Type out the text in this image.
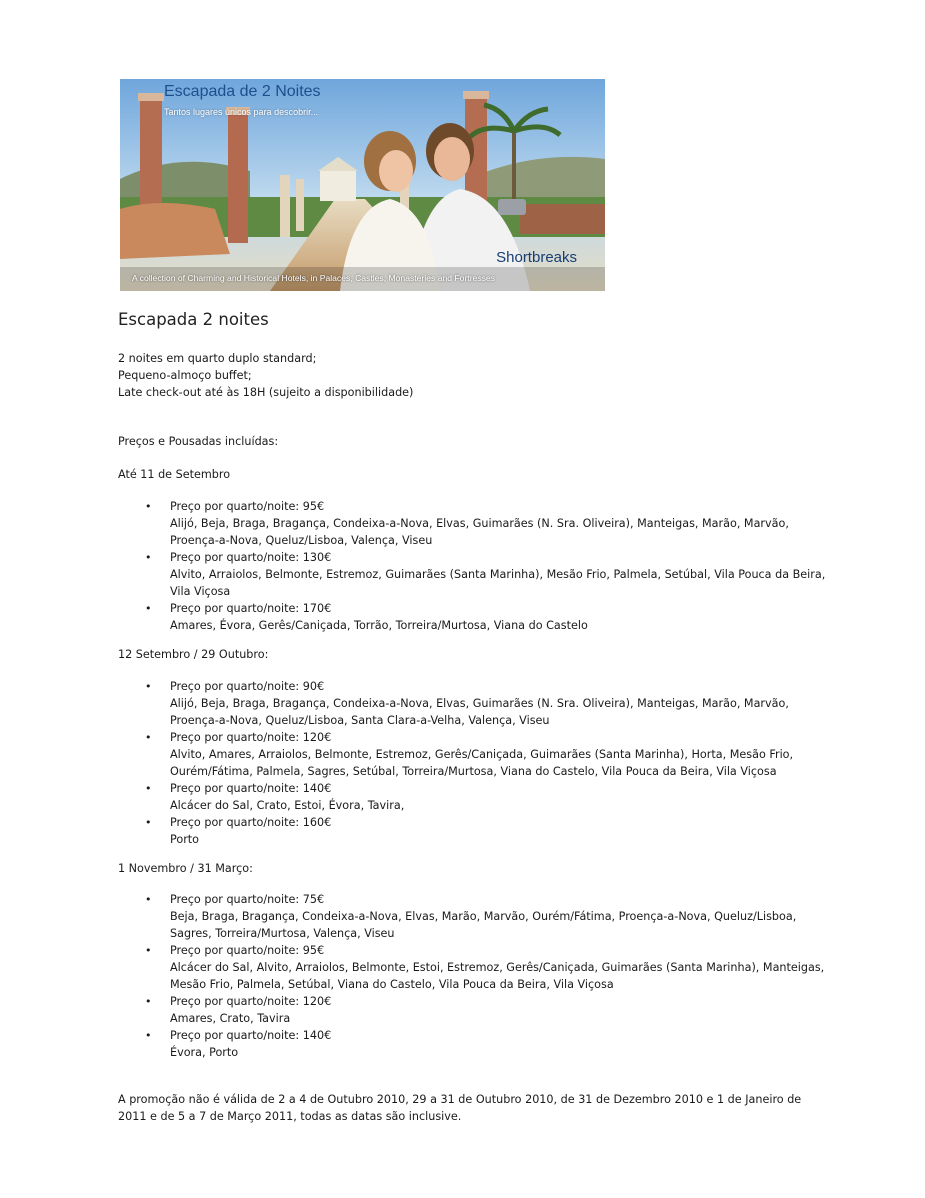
Escapada de 2 Noites
Tantos lugares únicos para descobrir...
Shortbreaks
A collection of Charming and Historical Hotels, in Palaces, Castles, Monasteries and Fortresses
Escapada 2 noites
2 noites em quarto duplo standard;
Pequeno-almoço buffet;
Late check-out até às 18H (sujeito a disponibilidade)
Preços e Pousadas incluídas:
Até 11 de Setembro
• Preço por quarto/noite: 95€
Alijó, Beja, Braga, Bragança, Condeixa-a-Nova, Elvas, Guimarães (N. Sra. Oliveira), Manteigas, Marão, Marvão, Proença-a-Nova, Queluz/Lisboa, Valença, Viseu
• Preço por quarto/noite: 130€
Alvito, Arraiolos, Belmonte, Estremoz, Guimarães (Santa Marinha), Mesão Frio, Palmela, Setúbal, Vila Pouca da Beira, Vila Viçosa
• Preço por quarto/noite: 170€
Amares, Évora, Gerês/Caniçada, Torrão, Torreira/Murtosa, Viana do Castelo
12 Setembro / 29 Outubro:
• Preço por quarto/noite: 90€
Alijó, Beja, Braga, Bragança, Condeixa-a-Nova, Elvas, Guimarães (N. Sra. Oliveira), Manteigas, Marão, Marvão, Proença-a-Nova, Queluz/Lisboa, Santa Clara-a-Velha, Valença, Viseu
• Preço por quarto/noite: 120€
Alvito, Amares, Arraiolos, Belmonte, Estremoz, Gerês/Caniçada, Guimarães (Santa Marinha), Horta, Mesão Frio, Ourém/Fátima, Palmela, Sagres, Setúbal, Torreira/Murtosa, Viana do Castelo, Vila Pouca da Beira, Vila Viçosa
• Preço por quarto/noite: 140€
Alcácer do Sal, Crato, Estoi, Évora, Tavira,
• Preço por quarto/noite: 160€
Porto
1 Novembro / 31 Março:
• Preço por quarto/noite: 75€
Beja, Braga, Bragança, Condeixa-a-Nova, Elvas, Marão, Marvão, Ourém/Fátima, Proença-a-Nova, Queluz/Lisboa, Sagres, Torreira/Murtosa, Valença, Viseu
• Preço por quarto/noite: 95€
Alcácer do Sal, Alvito, Arraiolos, Belmonte, Estoi, Estremoz, Gerês/Caniçada, Guimarães (Santa Marinha), Manteigas, Mesão Frio, Palmela, Setúbal, Viana do Castelo, Vila Pouca da Beira, Vila Viçosa
• Preço por quarto/noite: 120€
Amares, Crato, Tavira
• Preço por quarto/noite: 140€
Évora, Porto
A promoção não é válida de 2 a 4 de Outubro 2010, 29 a 31 de Outubro 2010, de 31 de Dezembro 2010 e 1 de Janeiro de 2011 e de 5 a 7 de Março 2011, todas as datas são inclusive.
